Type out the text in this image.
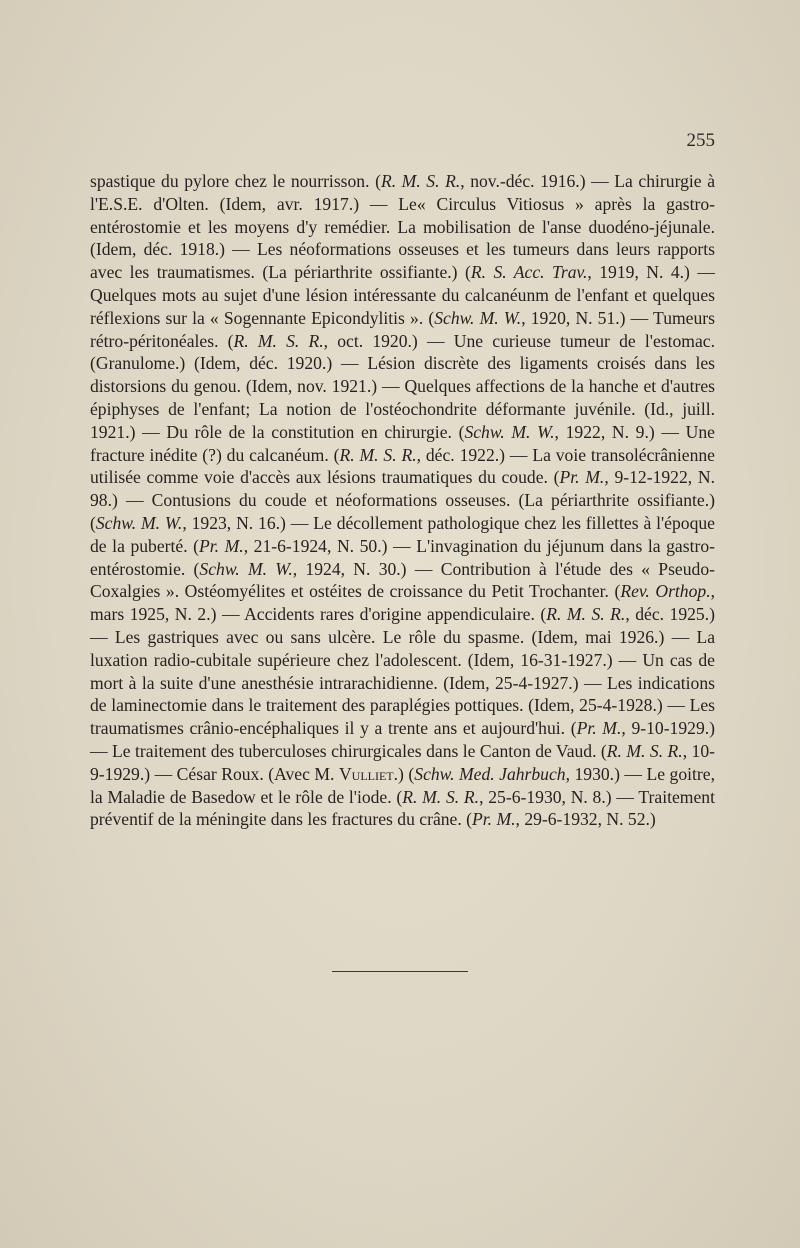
255

spastique du pylore chez le nourrisson. (R. M. S. R., nov.-déc. 1916.) — La chirurgie à l'E.S.E. d'Olten. (Idem, avr. 1917.) — Le« Circulus Vitiosus » après la gastro-entérostomie et les moyens d'y remédier. La mobilisation de l'anse duodéno-jéjunale. (Idem, déc. 1918.) — Les néoformations osseuses et les tumeurs dans leurs rapports avec les traumatismes. (La périarthrite ossifiante.) (R. S. Acc. Trav., 1919, N. 4.) — Quelques mots au sujet d'une lésion intéressante du calcanéunm de l'enfant et quelques réflexions sur la « Sogennante Epicondylitis ». (Schw. M. W., 1920, N. 51.) — Tumeurs rétro-péritonéales. (R. M. S. R., oct. 1920.) — Une curieuse tumeur de l'estomac. (Granulome.) (Idem, déc. 1920.) — Lésion discrète des ligaments croisés dans les distorsions du genou. (Idem, nov. 1921.) — Quelques affections de la hanche et d'autres épiphyses de l'enfant; La notion de l'ostéochondrite déformante juvénile. (Id., juill. 1921.) — Du rôle de la constitution en chirurgie. (Schw. M. W., 1922, N. 9.) — Une fracture inédite (?) du calcanéum. (R. M. S. R., déc. 1922.) — La voie transolécrânienne utilisée comme voie d'accès aux lésions traumatiques du coude. (Pr. M., 9-12-1922, N. 98.) — Contusions du coude et néoformations osseuses. (La périarthrite ossifiante.) (Schw. M. W., 1923, N. 16.) — Le décollement pathologique chez les fillettes à l'époque de la puberté. (Pr. M., 21-6-1924, N. 50.) — L'invagination du jéjunum dans la gastro-entérostomie. (Schw. M. W., 1924, N. 30.) — Contribution à l'étude des « Pseudo-Coxalgies ». Ostéomyélites et ostéites de croissance du Petit Trochanter. (Rev. Orthop., mars 1925, N. 2.) — Accidents rares d'origine appendiculaire. (R. M. S. R., déc. 1925.) — Les gastriques avec ou sans ulcère. Le rôle du spasme. (Idem, mai 1926.) — La luxation radio-cubitale supérieure chez l'adolescent. (Idem, 16-31-1927.) — Un cas de mort à la suite d'une anesthésie intrarachidienne. (Idem, 25-4-1927.) — Les indications de laminectomie dans le traitement des paraplégies pottiques. (Idem, 25-4-1928.) — Les traumatismes crânio-encéphaliques il y a trente ans et aujourd'hui. (Pr. M., 9-10-1929.) — Le traitement des tuberculoses chirurgicales dans le Canton de Vaud. (R. M. S. R., 10-9-1929.) — César Roux. (Avec M. Vulliet.) (Schw. Med. Jahrbuch, 1930.) — Le goitre, la Maladie de Basedow et le rôle de l'iode. (R. M. S. R., 25-6-1930, N. 8.) — Traitement préventif de la méningite dans les fractures du crâne. (Pr. M., 29-6-1932, N. 52.)
